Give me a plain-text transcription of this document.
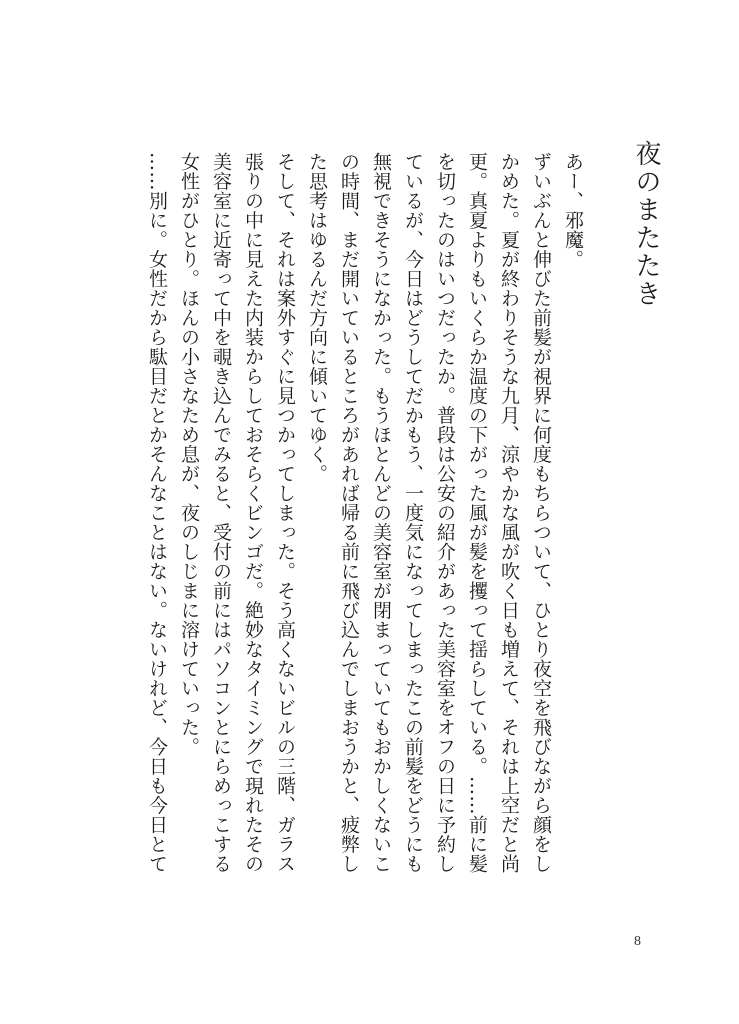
夜のまたたき

あー、邪魔。

ずいぶんと伸びた前髪が視界に何度もちらついて、ひとり夜空を飛びながら顔をしかめた。夏が終わりそうな九月、涼やかな風が吹く日も増えて、それは上空だと尚更。真夏よりもいくらか温度の下がった風が髪を攫って揺らしている。……前に髪を切ったのはいつだったか。普段は公安の紹介があった美容室をオフの日に予約しているが、今日はどうしてだかもう、一度気になってしまったこの前髪をどうにも無視できそうになかった。もうほとんどの美容室が閉まっていてもおかしくないこの時間、まだ開いているところがあれば帰る前に飛び込んでしまおうかと、疲弊した思考はゆるんだ方向に傾いてゆく。

そして、それは案外すぐに見つかってしまった。そう高くないビルの三階、ガラス張りの中に見えた内装からしておそらくビンゴだ。絶妙なタイミングで現れたその美容室に近寄って中を覗き込んでみると、受付の前にはパソコンとにらめっこする女性がひとり。ほんの小さなため息が、夜のしじまに溶けていった。

……別に。女性だから駄目だとかそんなことはない。ないけれど、今日も今日とて

8
